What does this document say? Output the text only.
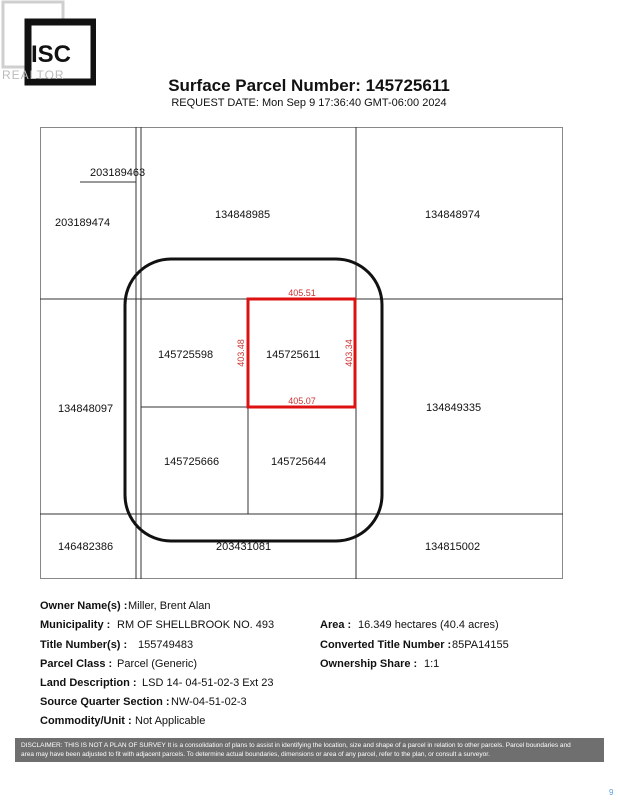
ISC
REALTOR
Surface Parcel Number: 145725611
REQUEST DATE: Mon Sep 9 17:36:40 GMT-06:00 2024
203189463
203189474
134848985	134848974
145725598	145725611
134848097	134849335
145725666	145725644
146482386	203431081	134815002
405.51
405.07
403.48	403.34
Owner Name(s) : Miller, Brent Alan
Municipality : RM OF SHELLBROOK NO. 493
Title Number(s) : 155749483
Parcel Class : Parcel (Generic)
Land Description : LSD 14- 04-51-02-3 Ext 23
Source Quarter Section : NW-04-51-02-3
Commodity/Unit : Not Applicable
Area : 16.349 hectares (40.4 acres)
Converted Title Number : 85PA14155
Ownership Share : 1:1
DISCLAIMER: THIS IS NOT A PLAN OF SURVEY It is a consolidation of plans to assist in identifying the location, size and shape of a parcel in relation to other parcels. Parcel boundaries and
area may have been adjusted to fit with adjacent parcels. To determine actual boundaries, dimensions or area of any parcel, refer to the plan, or consult a surveyor.
9
